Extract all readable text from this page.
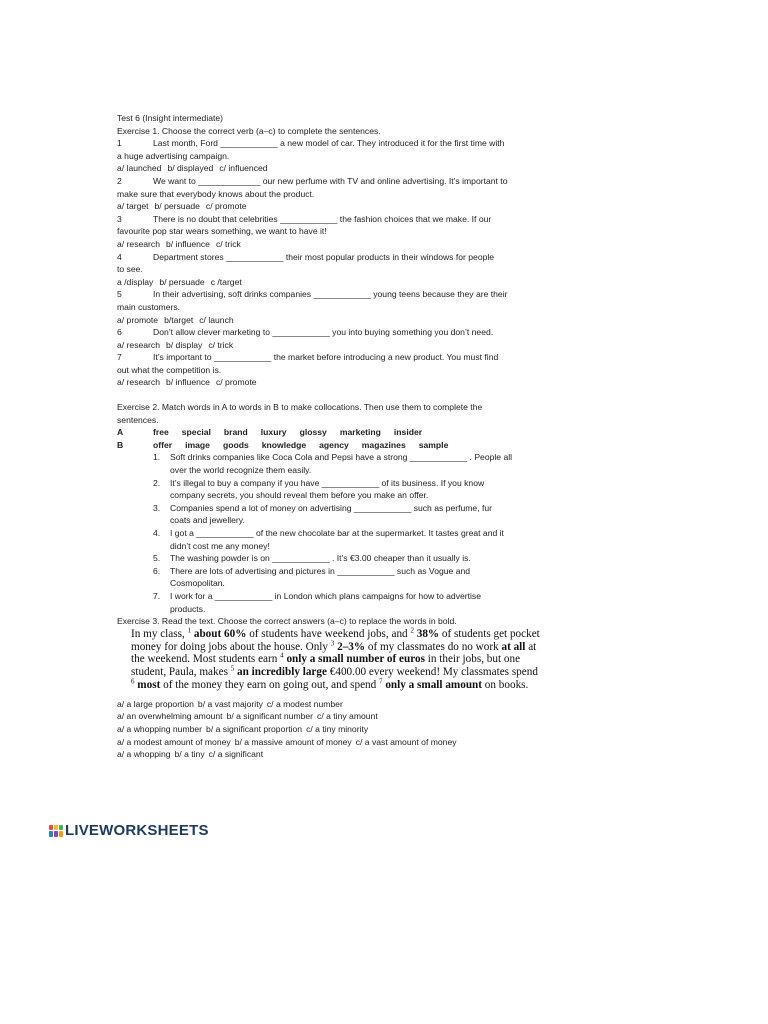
Test 6 (Insight intermediate)
Exercise 1. Choose the correct verb (a–c) to complete the sentences.
1	Last month, Ford ____________ a new model of car. They introduced it for the first time with
a huge advertising campaign.
a/ launched b/ displayed c/ influenced
2	We want to _____________ our new perfume with TV and online advertising. It’s important to
make sure that everybody knows about the product.
a/ target b/ persuade c/ promote
3	There is no doubt that celebrities ____________ the fashion choices that we make. If our
favourite pop star wears something, we want to have it!
a/ research b/ influence c/ trick
4	Department stores ____________ their most popular products in their windows for people
to see.
a /display b/ persuade c /target
5	In their advertising, soft drinks companies ____________ young teens because they are their
main customers.
a/ promote b/target c/ launch
6	Don’t allow clever marketing to ____________ you into buying something you don’t need.
a/ research b/ display c/ trick
7	It’s important to ____________ the market before introducing a new product. You must find
out what the competition is.
a/ research b/ influence c/ promote
Exercise 2. Match words in A to words in B to make collocations. Then use them to complete the
sentences.
A	free special brand luxury glossy marketing insider
B	offer image goods knowledge agency magazines sample
1.	Soft drinks companies like Coca Cola and Pepsi have a strong ____________ . People all
over the world recognize them easily.
2.	It’s illegal to buy a company if you have ____________ of its business. If you know
company secrets, you should reveal them before you make an offer.
3.	Companies spend a lot of money on advertising ____________ such as perfume, fur
coats and jewellery.
4.	I got a ____________ of the new chocolate bar at the supermarket. It tastes great and it
didn’t cost me any money!
5.	The washing powder is on ____________ . It’s €3.00 cheaper than it usually is.
6.	There are lots of advertising and pictures in ____________ such as Vogue and
Cosmopolitan.
7.	I work for a ____________ in London which plans campaigns for how to advertise
products.
Exercise 3. Read the text. Choose the correct answers (a–c) to replace the words in bold.
In my class, $^1$ about 60% of students have weekend jobs, and $^2$ 38% of students get pocket
money for doing jobs about the house. Only $^3$ 2–3% of my classmates do no work at all at
the weekend. Most students earn $^4$ only a small number of euros in their jobs, but one
student, Paula, makes $^5$ an incredibly large €400.00 every weekend! My classmates spend
$^6$ most of the money they earn on going out, and spend $^7$ only a small amount on books.
a/ a large proportion b/ a vast majority c/ a modest number
a/ an overwhelming amount b/ a significant number c/ a tiny amount
a/ a whopping number b/ a significant proportion c/ a tiny minority
a/ a modest amount of money b/ a massive amount of money c/ a vast amount of money
a/ a whopping b/ a tiny c/ a significant
LIVEWORKSHEETS
